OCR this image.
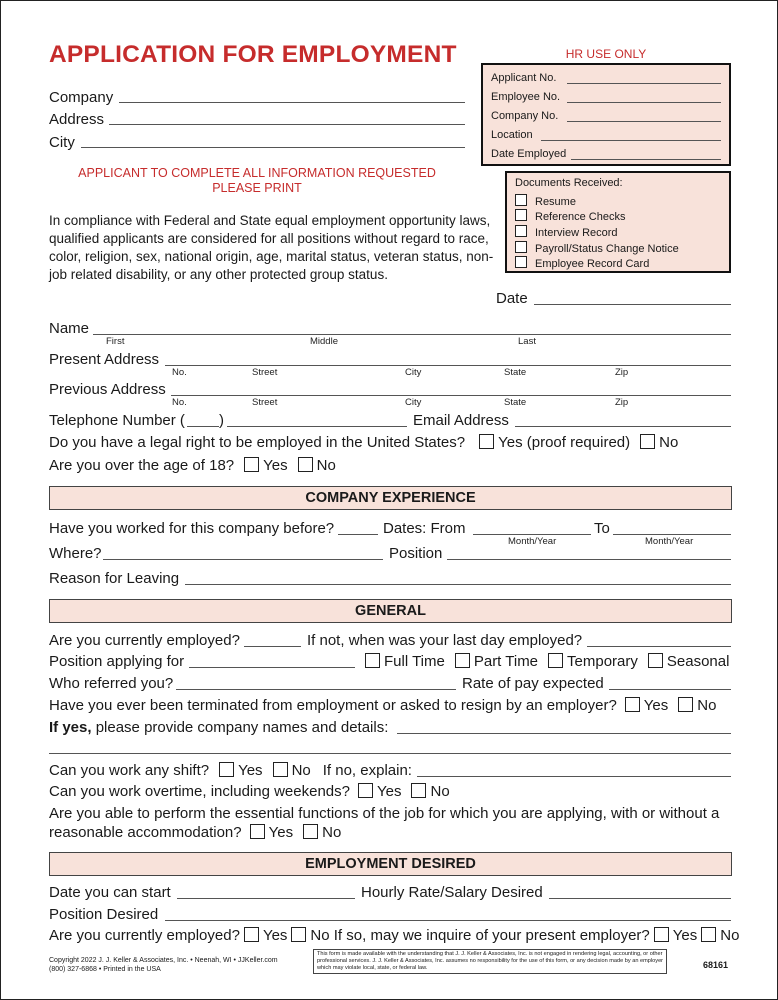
APPLICATION FOR EMPLOYMENT
Company
Address
City
APPLICANT TO COMPLETE ALL INFORMATION REQUESTED
PLEASE PRINT
In compliance with Federal and State equal employment opportunity laws, qualified applicants are considered for all positions without regard to race, color, religion, sex, national origin, age, marital status, veteran status, non-job related disability, or any other protected group status.
HR USE ONLY
Applicant No.
Employee No.
Company No.
Location
Date Employed
Documents Received:
Resume
Reference Checks
Interview Record
Payroll/Status Change Notice
Employee Record Card
Date
Name
First	Middle	Last
Present Address
No.	Street	City	State	Zip
Previous Address
No.	Street	City	State	Zip
Telephone Number ( )	Email Address
Do you have a legal right to be employed in the United States? Yes (proof required) No
Are you over the age of 18? Yes No
COMPANY EXPERIENCE
Have you worked for this company before?	Dates: From
Month/Year
To
Month/Year
Where?	Position
Reason for Leaving
GENERAL
Are you currently employed?	If not, when was your last day employed?
Position applying for	Full Time Part Time Temporary Seasonal
Who referred you?	Rate of pay expected
Have you ever been terminated from employment or asked to resign by an employer? Yes No
If yes, please provide company names and details:
Can you work any shift? Yes No If no, explain:
Can you work overtime, including weekends? Yes No
Are you able to perform the essential functions of the job for which you are applying, with or without a
reasonable accommodation? Yes No
EMPLOYMENT DESIRED
Date you can start	Hourly Rate/Salary Desired
Position Desired
Are you currently employed? Yes No If so, may we inquire of your present employer? Yes No
Copyright 2022 J. J. Keller & Associates, Inc. • Neenah, WI • JJKeller.com
(800) 327-6868 • Printed in the USA
This form is made available with the understanding that J. J. Keller & Associates, Inc. is not engaged in rendering legal, accounting, or other
professional services. J. J. Keller & Associates, Inc. assumes no responsibility for the use of this form, or any decision made by an employer
which may violate local, state, or federal law.	68161
